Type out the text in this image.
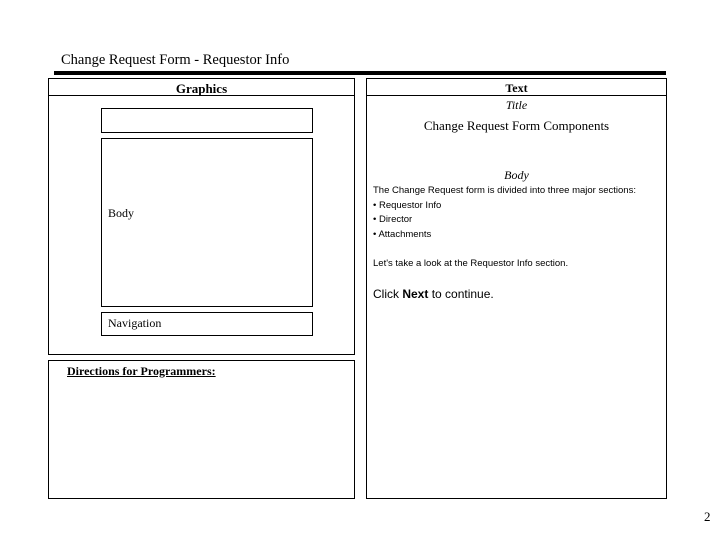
Change Request Form - Requestor Info
Graphics
Body
Navigation
Text
Title
Change Request Form Components
Body
The Change Request form is divided into three major sections:
• Requestor Info
• Director
• Attachments
Let's take a look at the Requestor Info section.
Click Next to continue.
Directions for Programmers:
2
